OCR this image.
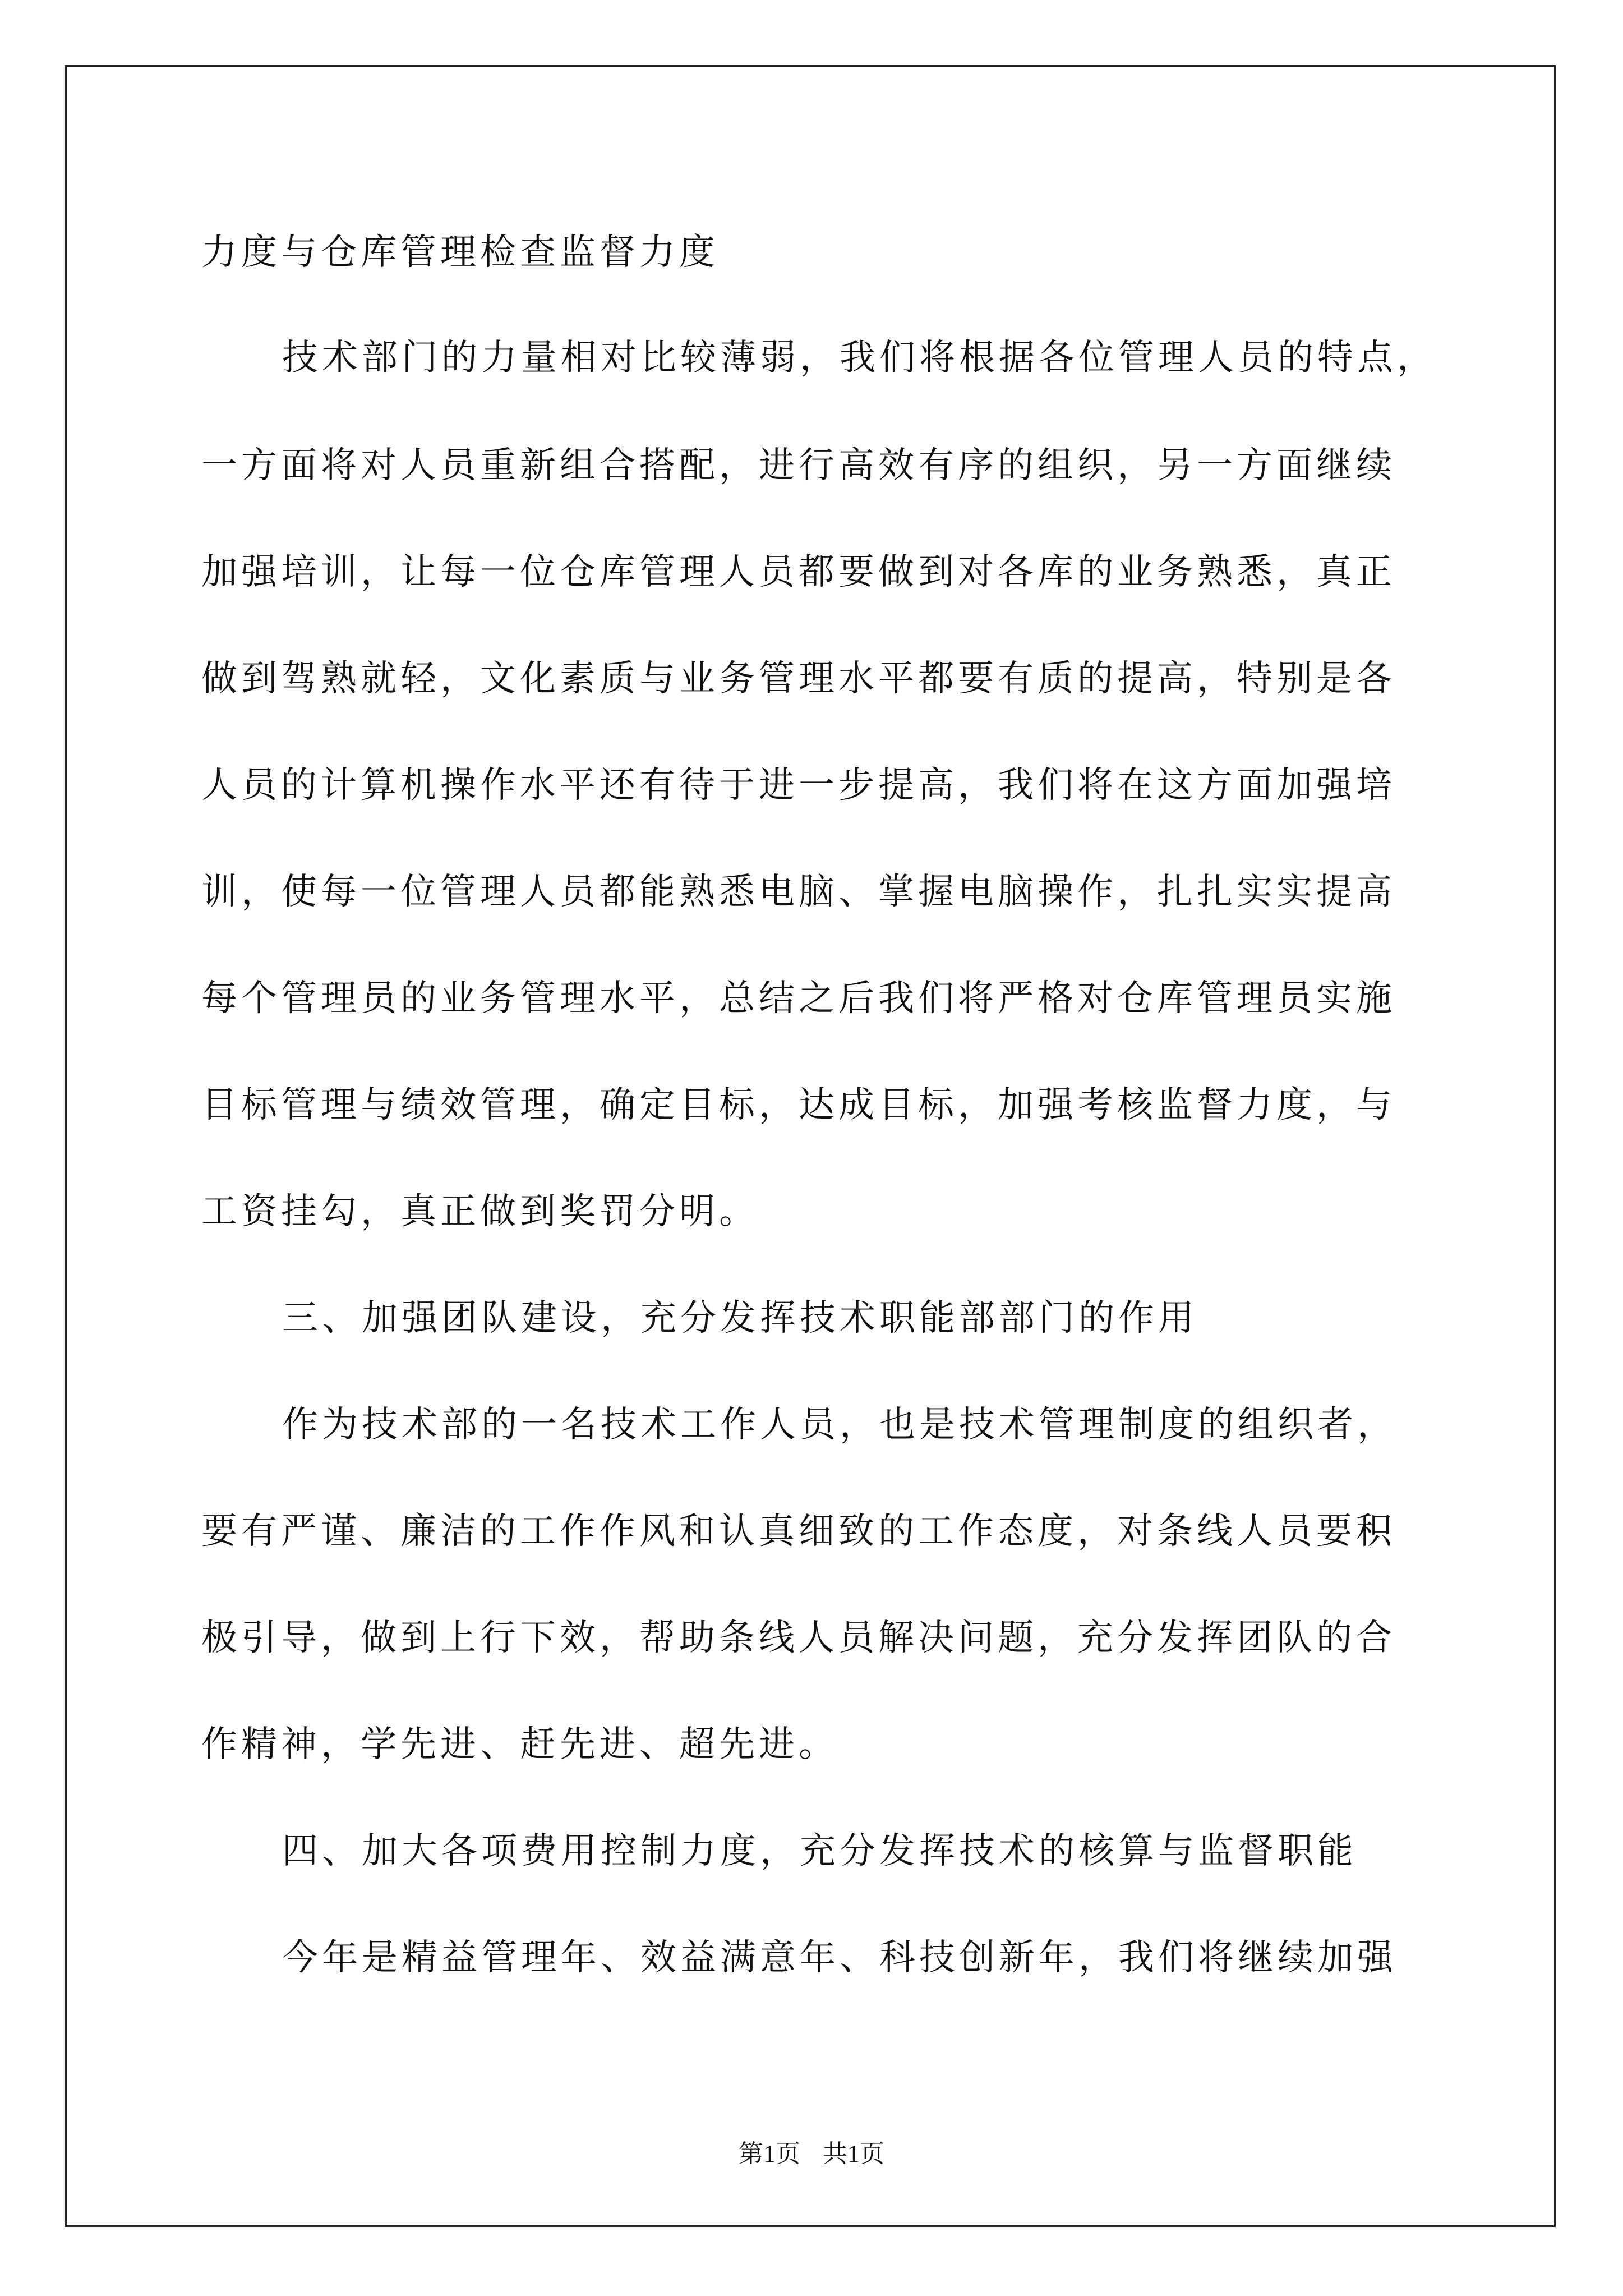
力度与仓库管理检查监督力度
技术部门的力量相对比较薄弱，我们将根据各位管理人员的特点，
一方面将对人员重新组合搭配，进行高效有序的组织，另一方面继续
加强培训，让每一位仓库管理人员都要做到对各库的业务熟悉，真正
做到驾熟就轻，文化素质与业务管理水平都要有质的提高，特别是各
人员的计算机操作水平还有待于进一步提高，我们将在这方面加强培
训，使每一位管理人员都能熟悉电脑、掌握电脑操作，扎扎实实提高
每个管理员的业务管理水平，总结之后我们将严格对仓库管理员实施
目标管理与绩效管理，确定目标，达成目标，加强考核监督力度，与
工资挂勾，真正做到奖罚分明。
三、加强团队建设，充分发挥技术职能部部门的作用
作为技术部的一名技术工作人员，也是技术管理制度的组织者，
要有严谨、廉洁的工作作风和认真细致的工作态度，对条线人员要积
极引导，做到上行下效，帮助条线人员解决问题，充分发挥团队的合
作精神，学先进、赶先进、超先进。
四、加大各项费用控制力度，充分发挥技术的核算与监督职能
今年是精益管理年、效益满意年、科技创新年，我们将继续加强
第1页 共1页
